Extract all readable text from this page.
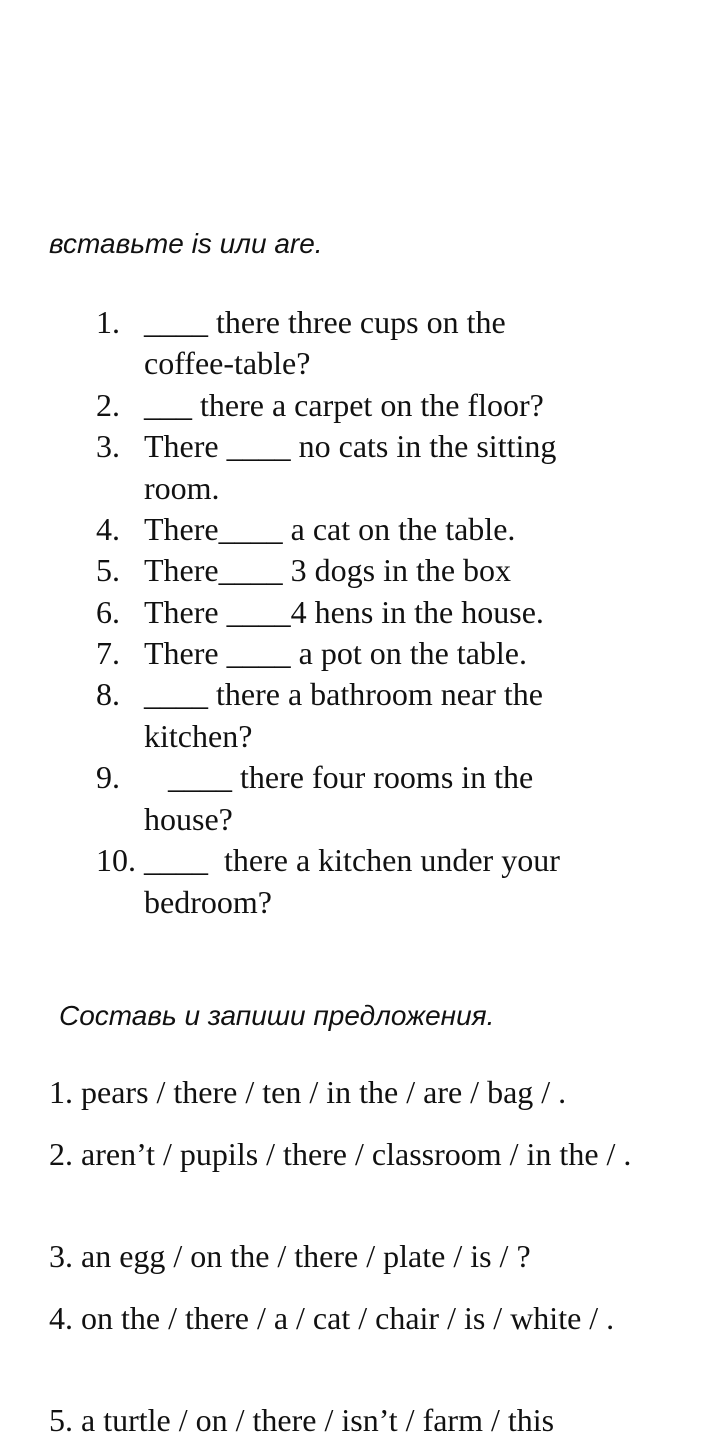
вставьте is или are.
1. ____ there three cups on the
coffee-table?
2. ___ there a carpet on the floor?
3. There ____ no cats in the sitting
room.
4. There____ a cat on the table.
5. There____ 3 dogs in the box
6. There ____4 hens in the house.
7. There ____ a pot on the table.
8. ____ there a bathroom near the
kitchen?
9. ____ there four rooms in the
house?
10. ____  there a kitchen under your
bedroom?
Составь и запиши предложения.
1. pears / there / ten / in the / are / bag / .
2. aren’t / pupils / there / classroom / in the / .
3. an egg / on the / there / plate / is / ?
4. on the / there / a / cat / chair / is / white / .
5. a turtle / on / there / isn’t / farm / this
